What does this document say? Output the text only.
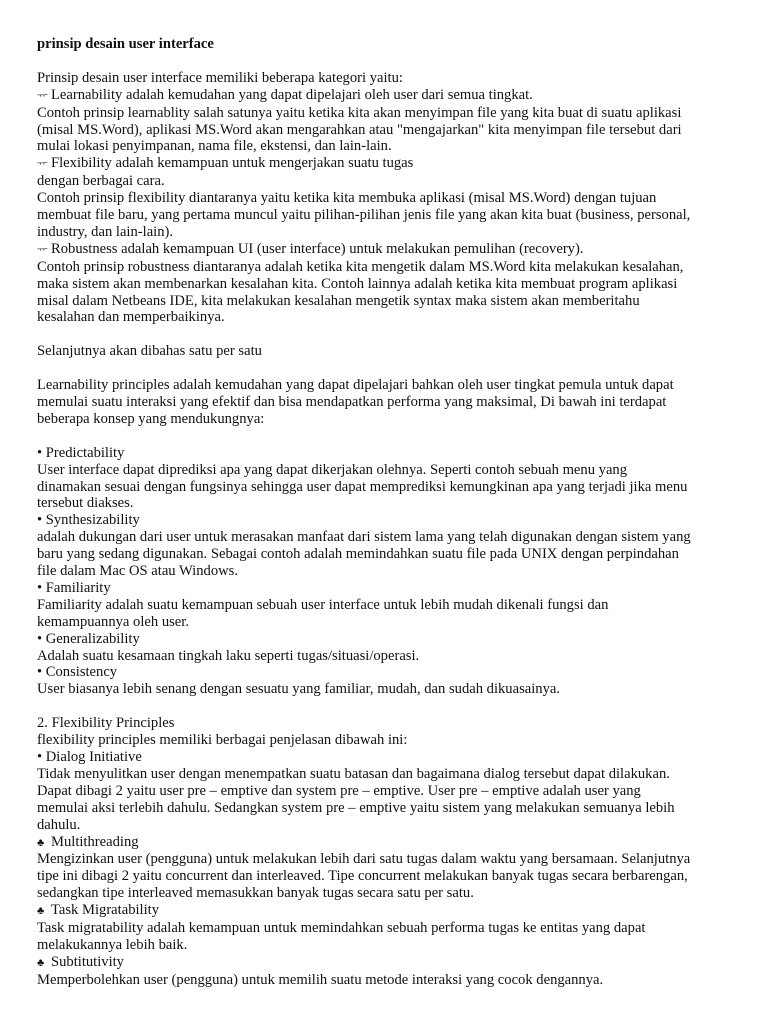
prinsip desain user interface

Prinsip desain user interface memiliki beberapa kategori yaitu:

ᅲ Learnability adalah kemudahan yang dapat dipelajari oleh user dari semua tingkat.

Contoh prinsip learnablity salah satunya yaitu ketika kita akan menyimpan file yang kita buat di suatu aplikasi

(misal MS.Word), aplikasi MS.Word akan mengarahkan atau "mengajarkan" kita menyimpan file tersebut dari

mulai lokasi penyimpanan, nama file, ekstensi, dan lain-lain.

ᅲ Flexibility adalah kemampuan untuk mengerjakan suatu tugas

dengan berbagai cara.

Contoh prinsip flexibility diantaranya yaitu ketika kita membuka aplikasi (misal MS.Word) dengan tujuan

membuat file baru, yang pertama muncul yaitu pilihan-pilihan jenis file yang akan kita buat (business, personal,

industry, dan lain-lain).

ᅲ Robustness adalah kemampuan UI (user interface) untuk melakukan pemulihan (recovery).

Contoh prinsip robustness diantaranya adalah ketika kita mengetik dalam MS.Word kita melakukan kesalahan,

maka sistem akan membenarkan kesalahan kita. Contoh lainnya adalah ketika kita membuat program aplikasi

misal dalam Netbeans IDE, kita melakukan kesalahan mengetik syntax maka sistem akan memberitahu

kesalahan dan memperbaikinya.

Selanjutnya akan dibahas satu per satu

Learnability principles adalah kemudahan yang dapat dipelajari bahkan oleh user tingkat pemula untuk dapat

memulai suatu interaksi yang efektif dan bisa mendapatkan performa yang maksimal, Di bawah ini terdapat

beberapa konsep yang mendukungnya:

• Predictability

User interface dapat diprediksi apa yang dapat dikerjakan olehnya. Seperti contoh sebuah menu yang

dinamakan sesuai dengan fungsinya sehingga user dapat memprediksi kemungkinan apa yang terjadi jika menu

tersebut diakses.

• Synthesizability

adalah dukungan dari user untuk merasakan manfaat dari sistem lama yang telah digunakan dengan sistem yang

baru yang sedang digunakan. Sebagai contoh adalah memindahkan suatu file pada UNIX dengan perpindahan

file dalam Mac OS atau Windows.

• Familiarity

Familiarity adalah suatu kemampuan sebuah user interface untuk lebih mudah dikenali fungsi dan

kemampuannya oleh user.

• Generalizability

Adalah suatu kesamaan tingkah laku seperti tugas/situasi/operasi.

• Consistency

User biasanya lebih senang dengan sesuatu yang familiar, mudah, dan sudah dikuasainya.

2. Flexibility Principles

flexibility principles memiliki berbagai penjelasan dibawah ini:

• Dialog Initiative

Tidak menyulitkan user dengan menempatkan suatu batasan dan bagaimana dialog tersebut dapat dilakukan.

Dapat dibagi 2 yaitu user pre – emptive dan system pre – emptive. User pre – emptive adalah user yang

memulai aksi terlebih dahulu. Sedangkan system pre – emptive yaitu sistem yang melakukan semuanya lebih

dahulu.

♣ Multithreading

Mengizinkan user (pengguna) untuk melakukan lebih dari satu tugas dalam waktu yang bersamaan. Selanjutnya

tipe ini dibagi 2 yaitu concurrent dan interleaved. Tipe concurrent melakukan banyak tugas secara berbarengan,

sedangkan tipe interleaved memasukkan banyak tugas secara satu per satu.

♣ Task Migratability

Task migratability adalah kemampuan untuk memindahkan sebuah performa tugas ke entitas yang dapat

melakukannya lebih baik.

♣ Subtitutivity

Memperbolehkan user (pengguna) untuk memilih suatu metode interaksi yang cocok dengannya.
